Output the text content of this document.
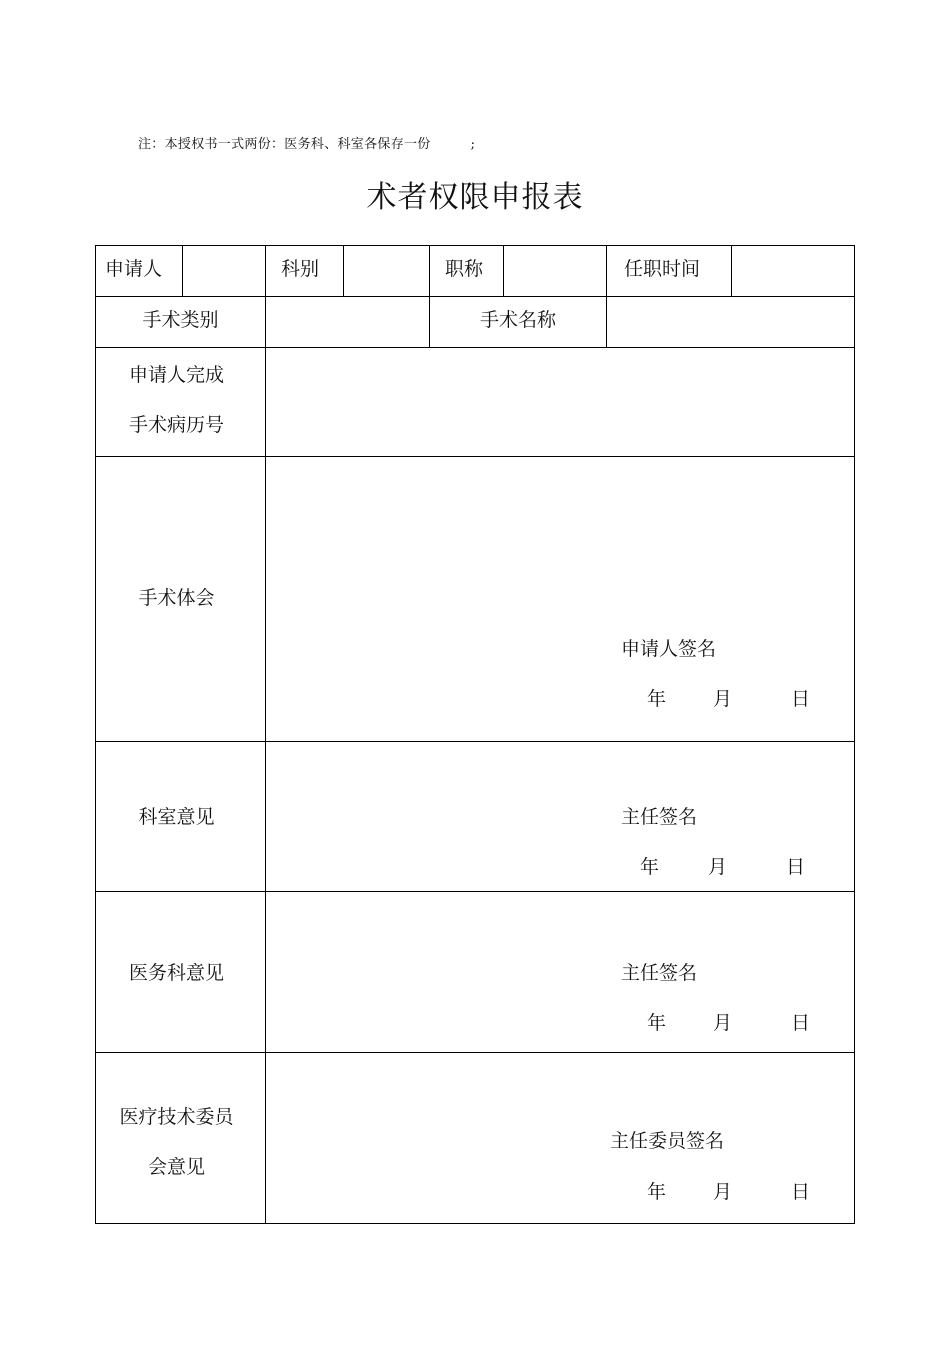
注：本授权书一式两份：医务科、科室各保存一份	;
术者权限申报表
申请人	科别	职称	任职时间
手术类别	手术名称
申请人完成
手术病历号
手术体会
申请人签名
年 月	日
科室意见	主任签名
年	月	日
医务科意见	主任签名
年 月	日
医疗技术委员
会意见
主任委员签名
年 月	日
